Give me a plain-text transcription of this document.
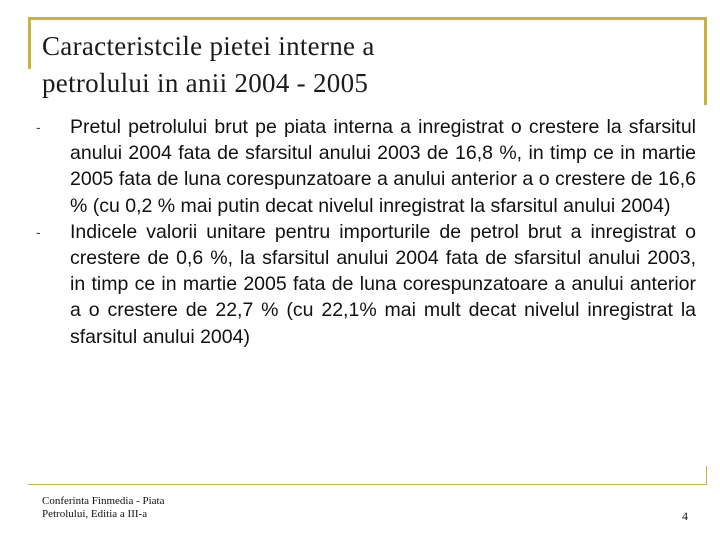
Caracteristcile pietei interne a
petrolului in anii 2004 - 2005
- Pretul petrolului brut pe piata interna a inregistrat o crestere la sfarsitul anului 2004 fata de sfarsitul anului 2003 de 16,8 %, in timp ce in martie 2005 fata de luna corespunzatoare a anului anterior a o crestere de 16,6 % (cu 0,2 % mai putin decat nivelul inregistrat la sfarsitul anului 2004)

- Indicele valorii unitare pentru importurile de petrol brut a inregistrat o crestere de 0,6 %, la sfarsitul anului 2004 fata de sfarsitul anului 2003, in timp ce in martie 2005 fata de luna corespunzatoare a anului anterior a o crestere de 22,7 % (cu 22,1% mai mult decat nivelul inregistrat la sfarsitul anului 2004)

Conferinta Finmedia - Piata
Petrolului, Editia a III-a	4
